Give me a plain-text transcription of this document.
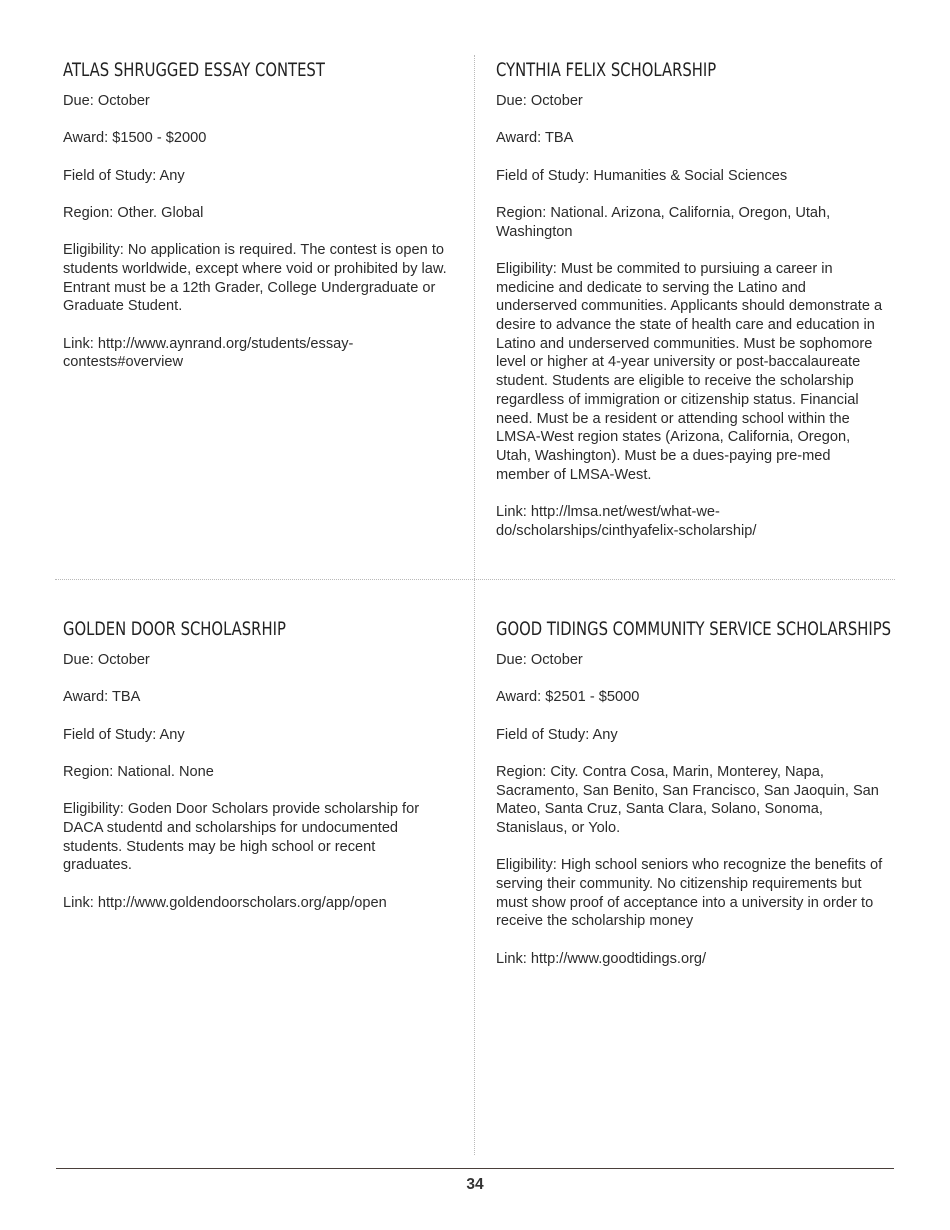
ATLAS SHRUGGED ESSAY CONTEST

Due: October

Award: $1500 - $2000

Field of Study: Any

Region: Other. Global

Eligibility: No application is required. The contest is open to students worldwide, except where void or prohibited by law. Entrant must be a 12th Grader, College Undergraduate or Graduate Student.

Link: http://www.aynrand.org/students/essay-contests#overview

CYNTHIA FELIX SCHOLARSHIP

Due: October

Award: TBA

Field of Study: Humanities & Social Sciences

Region: National. Arizona, California, Oregon, Utah, Washington

Eligibility: Must be commited to pursiuing a career in medicine and dedicate to serving the Latino and underserved communities. Applicants should demonstrate a desire to advance the state of health care and education in Latino and underserved communities. Must be sophomore level or higher at 4-year university or post-baccalaureate student. Students are eligible to receive the scholarship regardless of immigration or citizenship status. Financial need. Must be a resident or attending school within the LMSA-West region states (Arizona, California, Oregon, Utah, Washington). Must be a dues-paying pre-med member of LMSA-West.

Link: http://lmsa.net/west/what-we-do/scholarships/cinthyafelix-scholarship/

GOLDEN DOOR SCHOLASRHIP

Due: October

Award: TBA

Field of Study: Any

Region: National. None

Eligibility: Goden Door Scholars provide scholarship for DACA studentd and scholarships for undocumented students. Students may be high school or recent graduates.

Link: http://www.goldendoorscholars.org/app/open

GOOD TIDINGS COMMUNITY SERVICE SCHOLARSHIPS

Due: October

Award: $2501 - $5000

Field of Study: Any

Region: City. Contra Cosa, Marin, Monterey, Napa, Sacramento, San Benito, San Francisco, San Jaoquin, San Mateo, Santa Cruz, Santa Clara, Solano, Sonoma, Stanislaus, or Yolo.

Eligibility: High school seniors who recognize the benefits of serving their community. No citizenship requirements but must show proof of acceptance into a university in order to receive the scholarship money

Link: http://www.goodtidings.org/

34
